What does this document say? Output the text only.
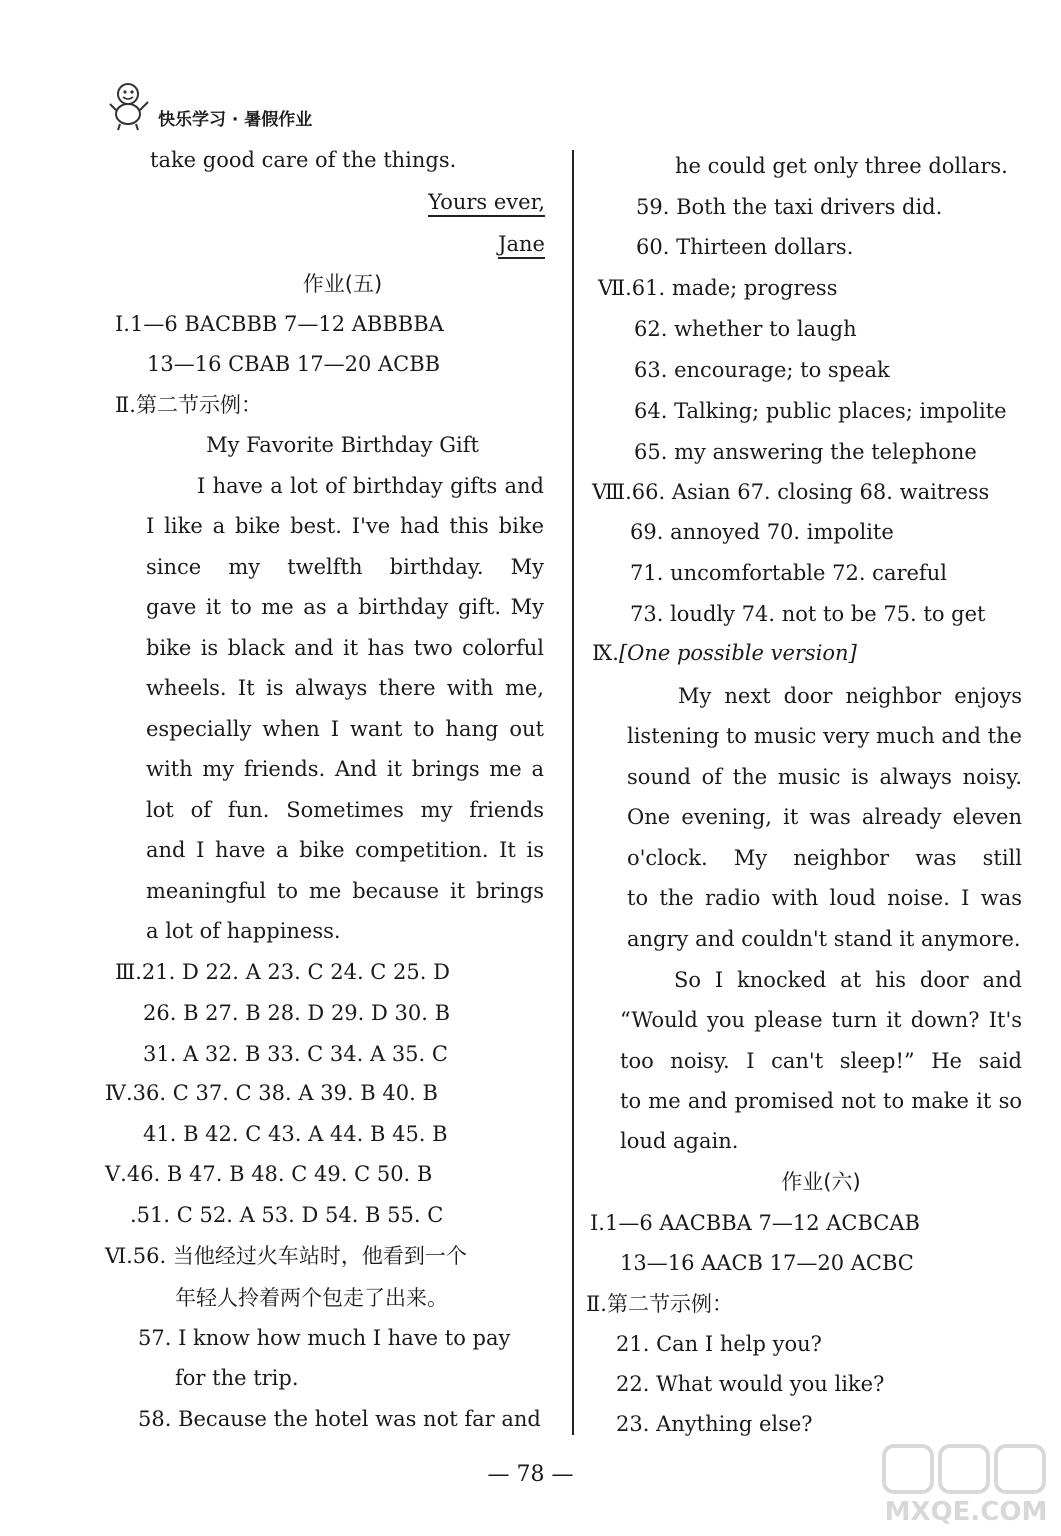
快乐学习 · 暑假作业
take good care of the things.
Yours ever,
Jane
作业(五)
Ⅰ.1—6 BACBBB 7—12 ABBBBA
13—16 CBAB 17—20 ACBB
Ⅱ.第二节示例：
My Favorite Birthday Gift
I have a lot of birthday gifts and
I like a bike best. I've had this bike
since my twelfth birthday. My
gave it to me as a birthday gift. My
bike is black and it has two colorful
wheels. It is always there with me,
especially when I want to hang out
with my friends. And it brings me a
lot of fun. Sometimes my friends
and I have a bike competition. It is
meaningful to me because it brings
a lot of happiness.
Ⅲ.21. D 22. A 23. C 24. C 25. D
26. B 27. B 28. D 29. D 30. B
31. A 32. B 33. C 34. A 35. C
Ⅳ.36. C 37. C 38. A 39. B 40. B
41. B 42. C 43. A 44. B 45. B
Ⅴ.46. B 47. B 48. C 49. C 50. B
.51. C 52. A 53. D 54. B 55. C
Ⅵ.56. 当他经过火车站时，他看到一个
年轻人拎着两个包走了出来。
57. I know how much I have to pay
for the trip.
58. Because the hotel was not far and
he could get only three dollars.
59. Both the taxi drivers did.
60. Thirteen dollars.
Ⅶ.61. made; progress
62. whether to laugh
63. encourage; to speak
64. Talking; public places; impolite
65. my answering the telephone
Ⅷ.66. Asian 67. closing 68. waitress
69. annoyed 70. impolite
71. uncomfortable 72. careful
73. loudly 74. not to be 75. to get
Ⅸ.[One possible version]
My next door neighbor enjoys
listening to music very much and the
sound of the music is always noisy.
One evening, it was already eleven
o'clock. My neighbor was still
to the radio with loud noise. I was
angry and couldn't stand it anymore.
So I knocked at his door and
“Would you please turn it down? It's
too noisy. I can't sleep!” He said
to me and promised not to make it so
loud again.
作业(六)
Ⅰ.1—6 AACBBA 7—12 ACBCAB
13—16 AACB 17—20 ACBC
Ⅱ.第二节示例：
21. Can I help you?
22. What would you like?
23. Anything else?
— 78 —
MXQE.COM
